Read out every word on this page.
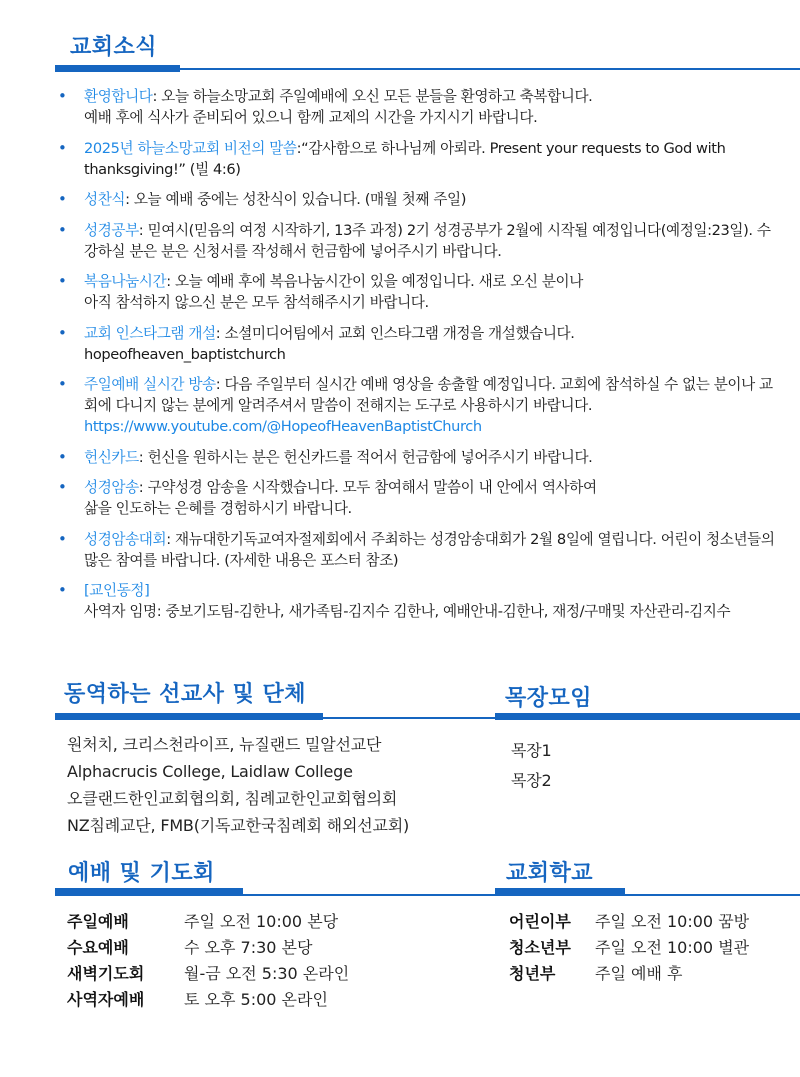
교회소식
• 환영합니다: 오늘 하늘소망교회 주일예배에 오신 모든 분들을 환영하고 축복합니다.
예배 후에 식사가 준비되어 있으니 함께 교제의 시간을 가지시기 바랍니다.
• 2025년 하늘소망교회 비전의 말씀:“감사함으로 하나님께 아뢰라. Present your requests to God with thanksgiving!” (빌 4:6)
• 성찬식: 오늘 예배 중에는 성찬식이 있습니다. (매월 첫째 주일)
• 성경공부: 믿여시(믿음의 여정 시작하기, 13주 과정) 2기 성경공부가 2월에 시작될 예정입니다(예정일:23일). 수강하실 분은 분은 신청서를 작성해서 헌금함에 넣어주시기 바랍니다.
• 복음나눔시간: 오늘 예배 후에 복음나눔시간이 있을 예정입니다. 새로 오신 분이나
아직 참석하지 않으신 분은 모두 참석해주시기 바랍니다.
• 교회 인스타그램 개설: 소셜미디어팀에서 교회 인스타그램 개정을 개설했습니다.
hopeofheaven_baptistchurch
• 주일예배 실시간 방송: 다음 주일부터 실시간 예배 영상을 송출할 예정입니다. 교회에 참석하실 수 없는 분이나 교회에 다니지 않는 분에게 알려주셔서 말씀이 전해지는 도구로 사용하시기 바랍니다. https://www.youtube.com/@HopeofHeavenBaptistChurch
• 헌신카드: 헌신을 원하시는 분은 헌신카드를 적어서 헌금함에 넣어주시기 바랍니다.
• 성경암송: 구약성경 암송을 시작했습니다. 모두 참여해서 말씀이 내 안에서 역사하여
삶을 인도하는 은혜를 경험하시기 바랍니다.
• 성경암송대회: 재뉴대한기독교여자절제회에서 주최하는 성경암송대회가 2월 8일에 열립니다. 어린이 청소년들의 많은 참여를 바랍니다. (자세한 내용은 포스터 참조)
• [교인동정]
사역자 임명: 중보기도팀-김한나, 새가족팀-김지수 김한나, 예배안내-김한나, 재정/구매및 자산관리-김지수
동역하는 선교사 및 단체	목장모임
원처치, 크리스천라이프, 뉴질랜드 밀알선교단
Alphacrucis College, Laidlaw College
오클랜드한인교회협의회, 침례교한인교회협의회
NZ침례교단, FMB(기독교한국침례회 해외선교회)
목장1
목장2
예배 및 기도회	교회학교
주일예배	주일 오전 10:00 본당
수요예배	수 오후 7:30 본당
새벽기도회	월-금 오전 5:30 온라인
사역자예배	토 오후 5:00 온라인
어린이부	주일 오전 10:00 꿈방
청소년부	주일 오전 10:00 별관
청년부	주일 예배 후
